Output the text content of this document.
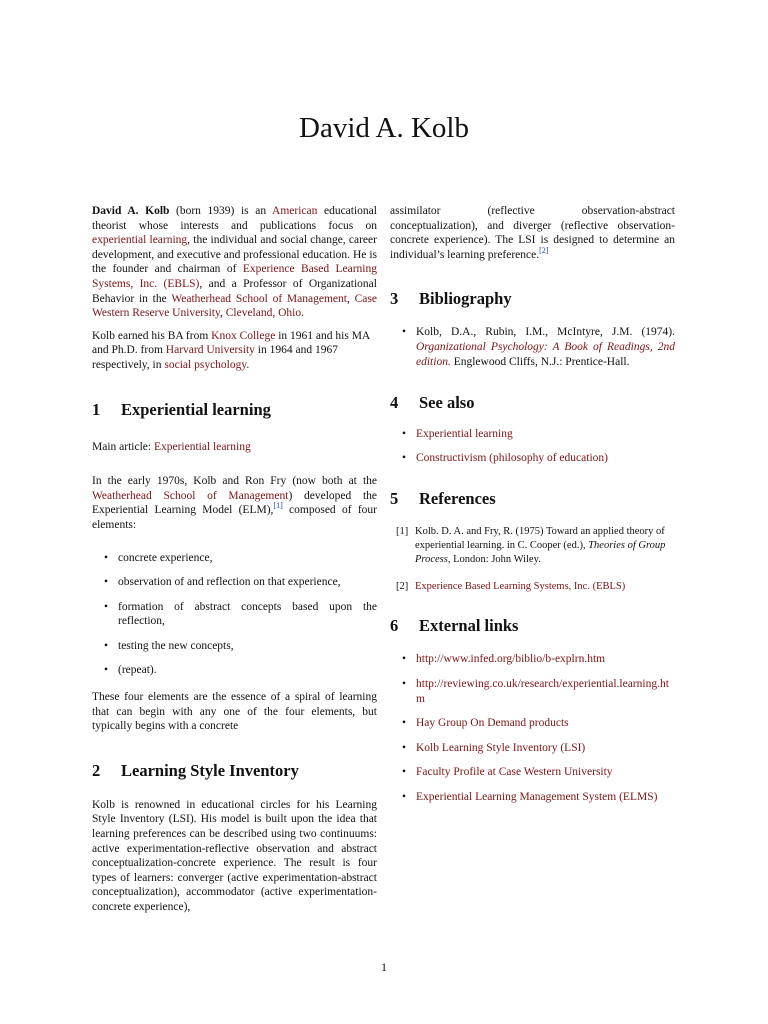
David A. Kolb

David A. Kolb (born 1939) is an American educational theorist whose interests and publications focus on experiential learning, the individual and social change, career development, and executive and professional education. He is the founder and chairman of Experience Based Learning Systems, Inc. (EBLS), and a Professor of Organizational Behavior in the Weatherhead School of Management, Case Western Reserve University, Cleveland, Ohio.

Kolb earned his BA from Knox College in 1961 and his MA and Ph.D. from Harvard University in 1964 and 1967 respectively, in social psychology.

1 Experiential learning

Main article: Experiential learning

In the early 1970s, Kolb and Ron Fry (now both at the Weatherhead School of Management) developed the Experiential Learning Model (ELM),[1] composed of four elements:

• concrete experience,
• observation of and reflection on that experience,
• formation of abstract concepts based upon the reflection,
• testing the new concepts,
• (repeat).

These four elements are the essence of a spiral of learning that can begin with any one of the four elements, but typically begins with a concrete

2 Learning Style Inventory

Kolb is renowned in educational circles for his Learning Style Inventory (LSI). His model is built upon the idea that learning preferences can be described using two continuums: active experimentation-reflective observation and abstract conceptualization-concrete experience. The result is four types of learners: converger (active experimentation-abstract conceptualization), accommodator (active experimentation-concrete experience),

assimilator (reflective observation-abstract conceptualization), and diverger (reflective observation-concrete experience). The LSI is designed to determine an individual’s learning preference.[2]

3 Bibliography
• Kolb, D.A., Rubin, I.M., McIntyre, J.M. (1974). Organizational Psychology: A Book of Readings, 2nd edition. Englewood Cliffs, N.J.: Prentice-Hall.
4 See also
• Experiential learning
• Constructivism (philosophy of education)
5 References
[1] Kolb. D. A. and Fry, R. (1975) Toward an applied theory of experiential learning. in C. Cooper (ed.), Theories of Group Process, London: John Wiley.
[2] Experience Based Learning Systems, Inc. (EBLS)
6 External links
• http://www.infed.org/biblio/b-explrn.htm
• http://reviewing.co.uk/research/experiential.learning.htm
• Hay Group On Demand products
• Kolb Learning Style Inventory (LSI)
• Faculty Profile at Case Western University
• Experiential Learning Management System (ELMS)
1
